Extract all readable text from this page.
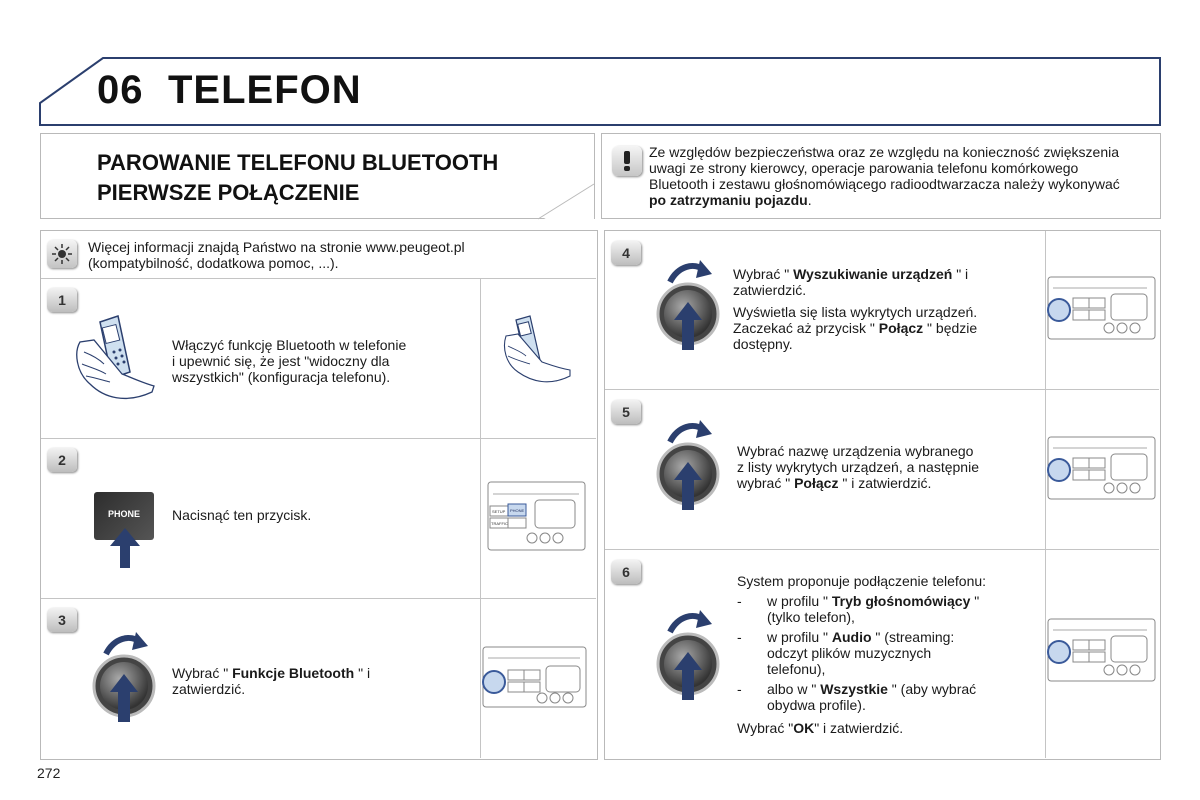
06 TELEFON
PAROWANIE TELEFONU BLUETOOTH
PIERWSZE POŁĄCZENIE
Ze względów bezpieczeństwa oraz ze względu na konieczność zwiększenia uwagi ze strony kierowcy, operacje parowania telefonu komórkowego Bluetooth i zestawu głośnomówiącego radioodtwarzacza należy wykonywać po zatrzymaniu pojazdu.
Więcej informacji znajdą Państwo na stronie www.peugeot.pl
(kompatybilność, dodatkowa pomoc, ...).
1
Włączyć funkcję Bluetooth w telefonie
i upewnić się, że jest "widoczny dla
wszystkich" (konfiguracja telefonu).
2
PHONE	Nacisnąć ten przycisk.	SETUP PHONE
TRAFFIC
3
Wybrać " Funkcje Bluetooth " i
zatwierdzić.
4
Wybrać " Wyszukiwanie urządzeń " i
zatwierdzić.
Wyświetla się lista wykrytych urządzeń.
Zaczekać aż przycisk " Połącz " będzie
dostępny.
5
Wybrać nazwę urządzenia wybranego
z listy wykrytych urządzeń, a następnie
wybrać " Połącz " i zatwierdzić.
6
System proponuje podłączenie telefonu:
- w profilu " Tryb głośnomówiący "
(tylko telefon),
- w profilu " Audio " (streaming:
odczyt plików muzycznych
telefonu),
- albo w " Wszystkie " (aby wybrać
obydwa profile).
Wybrać "OK" i zatwierdzić.
272
